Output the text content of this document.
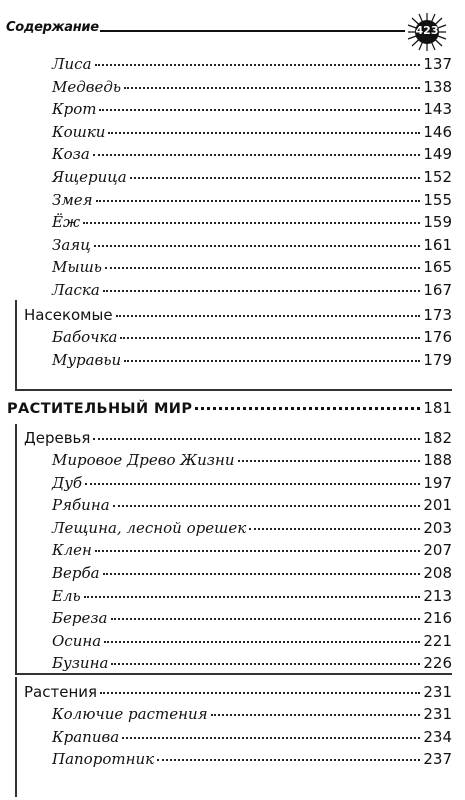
Содержание	423
Лиса	137
Медведь	138
Крот	143
Кошки	146
Коза	149
Ящерица	152
Змея	155
Ёж	159
Заяц	161
Мышь	165
Ласка	167
Насекомые	173
Бабочка	176
Муравьи	179
РАСТИТЕЛЬНЫЙ МИР	181
Деревья	182
Мировое Древо Жизни	188
Дуб	197
Рябина	201
Лещина, лесной орешек	203
Клен	207
Верба	208
Ель	213
Береза	216
Осина	221
Бузина	226
Растения	231
Колючие растения	231
Крапива	234
Папоротник	237
